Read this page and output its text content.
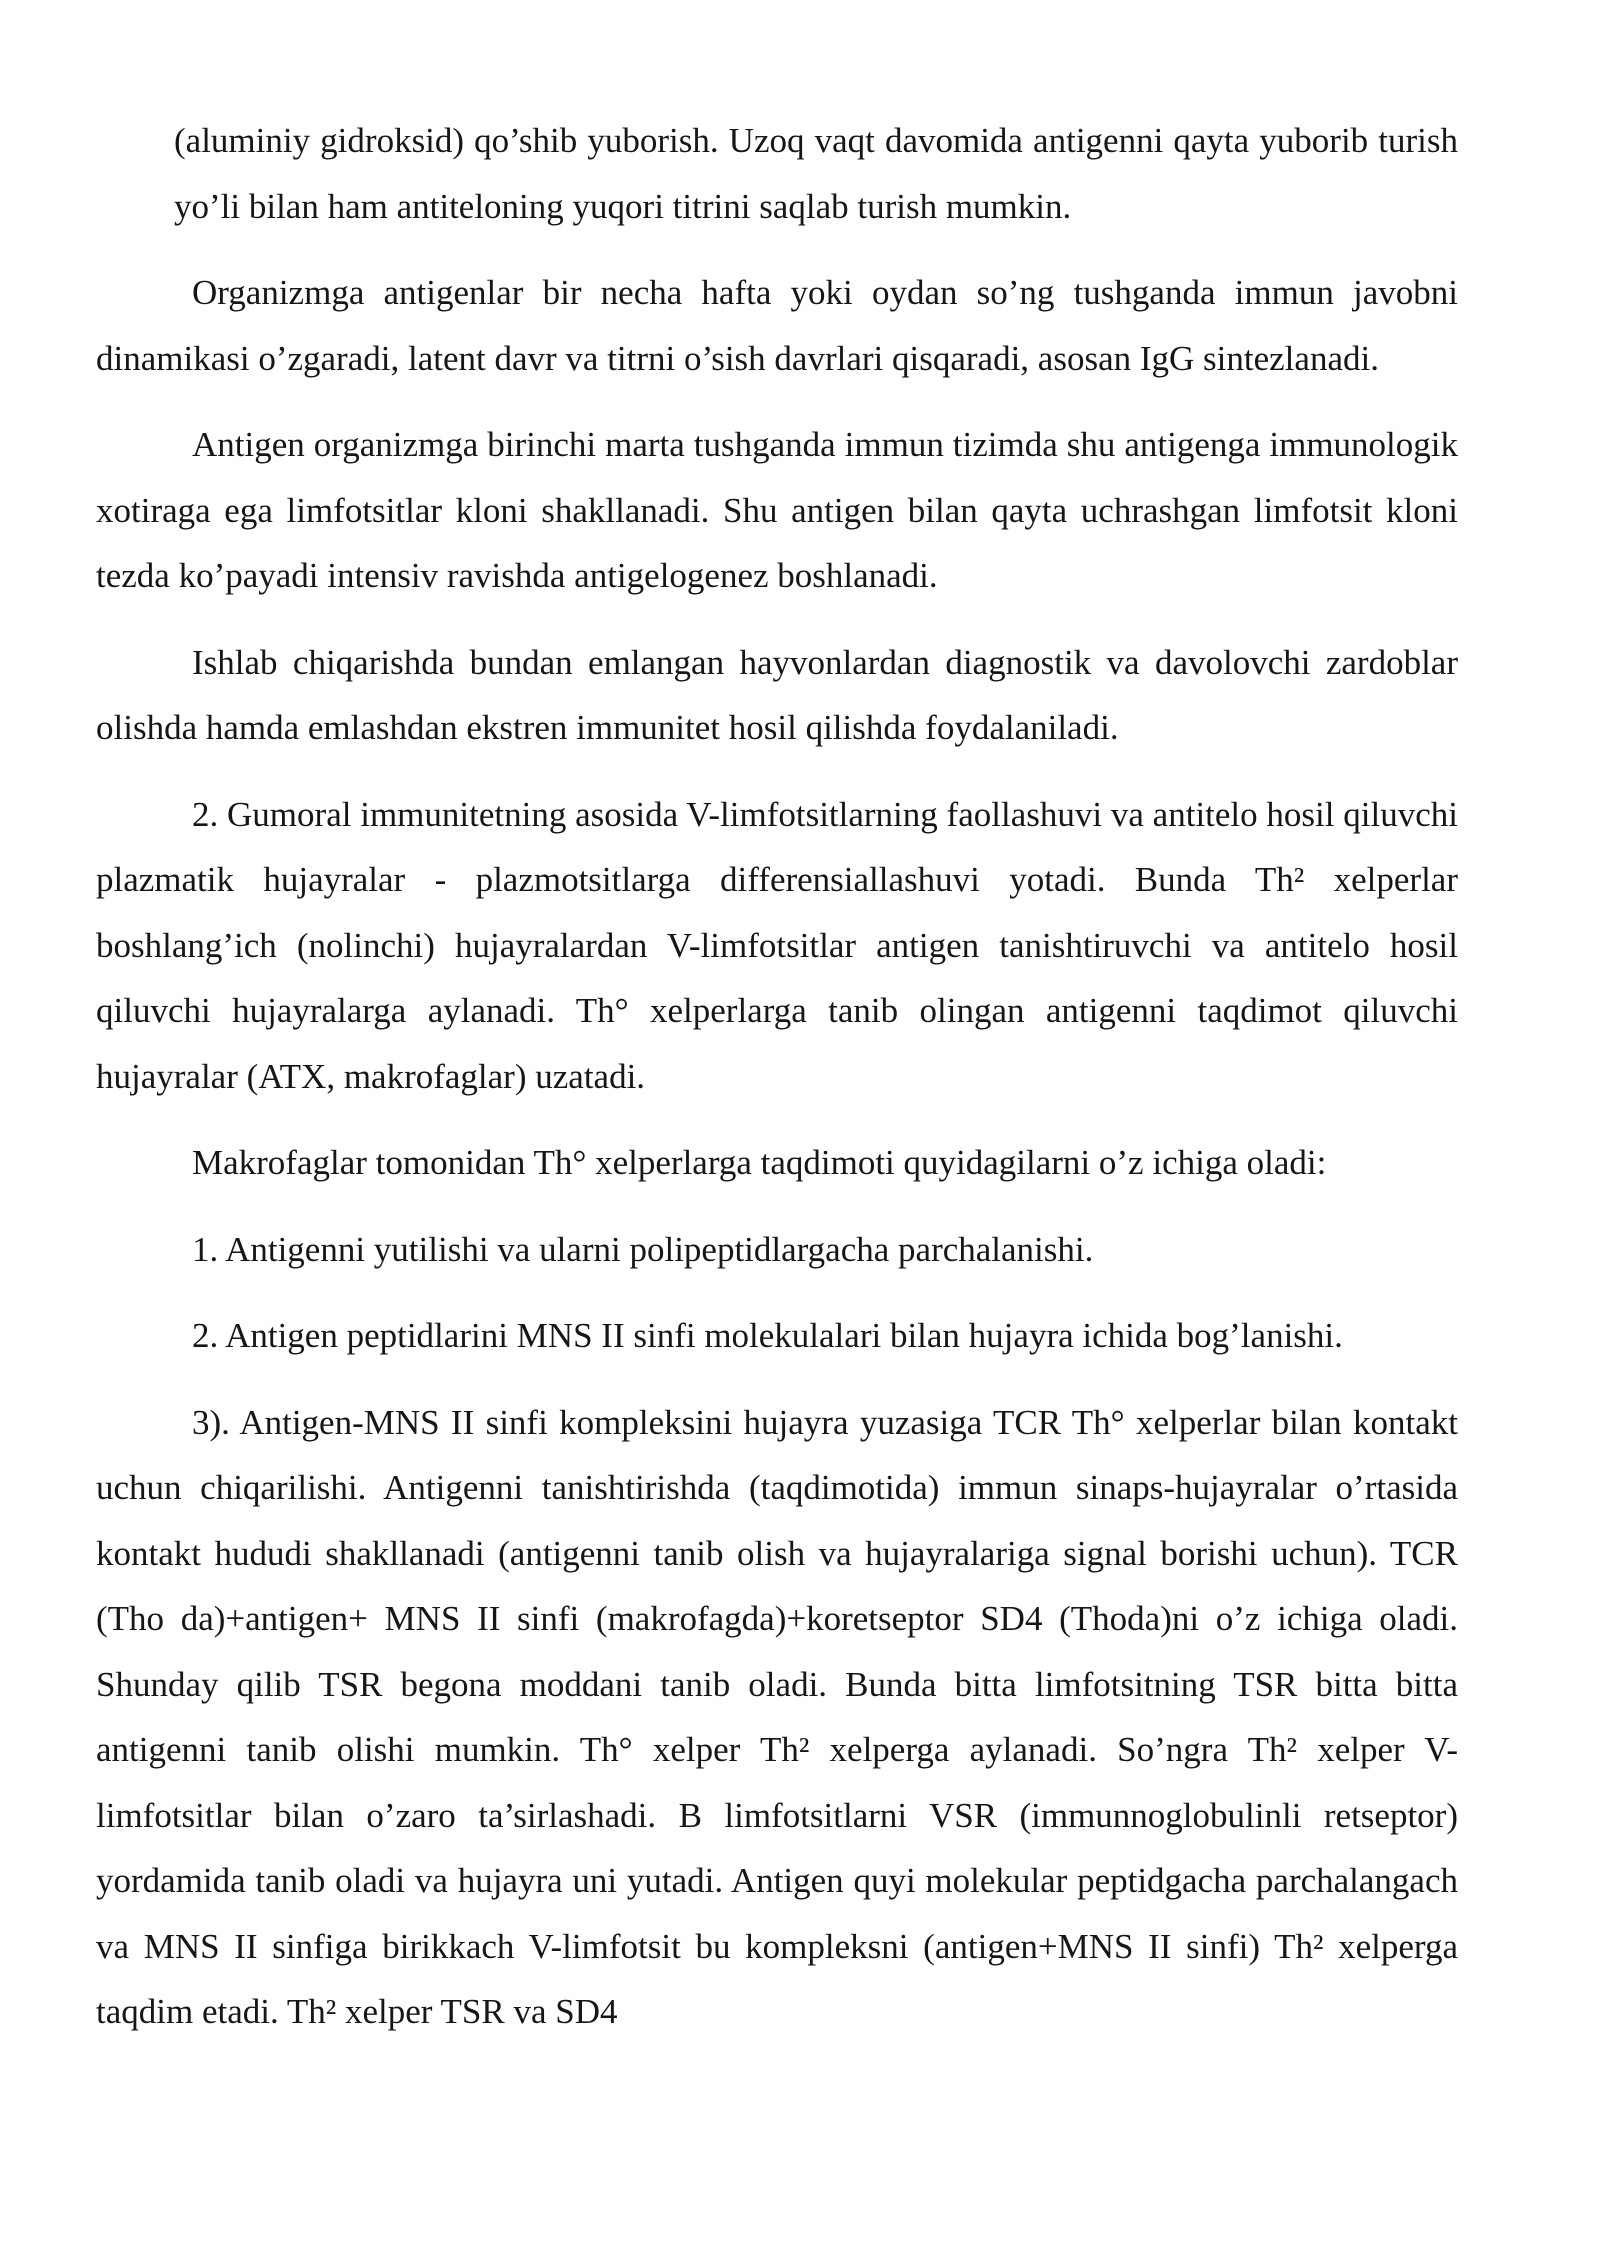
(aluminiy gidroksid) qo’shib yuborish. Uzoq vaqt davomida antigenni qayta yuborib turish yo’li bilan ham antiteloning yuqori titrini saqlab turish mumkin.

Organizmga antigenlar bir necha hafta yoki oydan so’ng tushganda immun javobni dinamikasi o’zgaradi, latent davr va titrni o’sish davrlari qisqaradi, asosan IgG sintezlanadi.

Antigen organizmga birinchi marta tushganda immun tizimda shu antigenga immunologik xotiraga ega limfotsitlar kloni shakllanadi. Shu antigen bilan qayta uchrashgan limfotsit kloni tezda ko’payadi intensiv ravishda antigelogenez boshlanadi.

Ishlab chiqarishda bundan emlangan hayvonlardan diagnostik va davolovchi zardoblar olishda hamda emlashdan ekstren immunitet hosil qilishda foydalaniladi.

2. Gumoral immunitetning asosida V-limfotsitlarning faollashuvi va antitelo hosil qiluvchi plazmatik hujayralar - plazmotsitlarga differensiallashuvi yotadi. Bunda Th² xelperlar boshlang’ich (nolinchi) hujayralardan V-limfotsitlar antigen tanishtiruvchi va antitelo hosil qiluvchi hujayralarga aylanadi. Th° xelperlarga tanib olingan antigenni taqdimot qiluvchi hujayralar (ATX, makrofaglar) uzatadi.

Makrofaglar tomonidan Th° xelperlarga taqdimoti quyidagilarni o’z ichiga oladi:

1. Antigenni yutilishi va ularni polipeptidlargacha parchalanishi.

2. Antigen peptidlarini MNS II sinfi molekulalari bilan hujayra ichida bog’lanishi.

3). Antigen-MNS II sinfi kompleksini hujayra yuzasiga TCR Th° xelperlar bilan kontakt uchun chiqarilishi. Antigenni tanishtirishda (taqdimotida) immun sinaps-hujayralar o’rtasida kontakt hududi shakllanadi (antigenni tanib olish va hujayralariga signal borishi uchun). TCR (Tho da)+antigen+ MNS II sinfi (makrofagda)+koretseptor SD4 (Thoda)ni o’z ichiga oladi. Shunday qilib TSR begona moddani tanib oladi. Bunda bitta limfotsitning TSR bitta bitta antigenni tanib olishi mumkin. Th° xelper Th² xelperga aylanadi. So’ngra Th² xelper V-limfotsitlar bilan o’zaro ta’sirlashadi. B limfotsitlarni VSR (immunnoglobulinli retseptor) yordamida tanib oladi va hujayra uni yutadi. Antigen quyi molekular peptidgacha parchalangach va MNS II sinfiga birikkach V-limfotsit bu kompleksni (antigen+MNS II sinfi) Th² xelperga taqdim etadi. Th² xelper TSR va SD4
